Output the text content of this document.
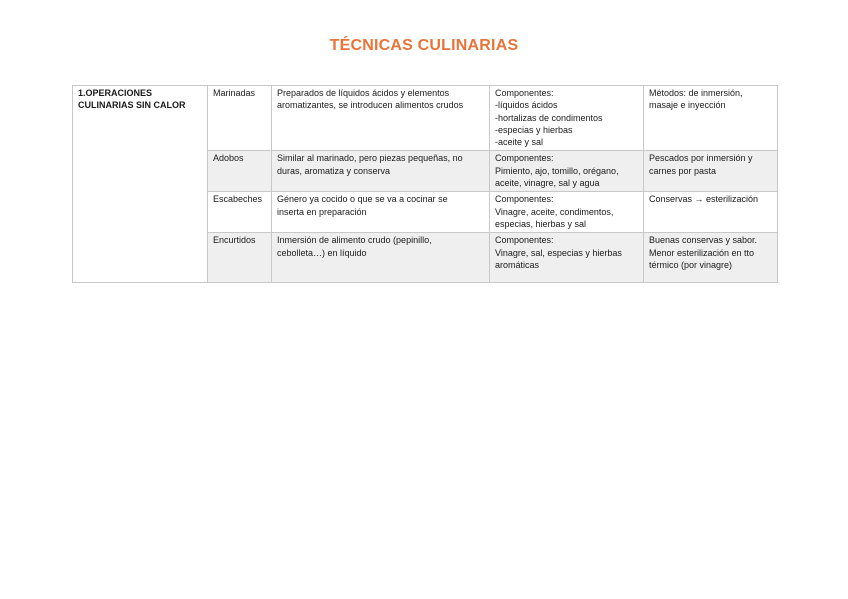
TÉCNICAS CULINARIAS
1.OPERACIONES
CULINARIAS SIN CALOR	Marinadas	Preparados de líquidos ácidos y elementos
aromatizantes, se introducen alimentos crudos	Componentes:
-líquidos ácidos
-hortalizas de condimentos
-especias y hierbas
-aceite y sal	Métodos: de inmersión,
masaje e inyección
	Adobos	Similar al marinado, pero piezas pequeñas, no
duras, aromatiza y conserva	Componentes:
Pimiento, ajo, tomillo, orégano,
aceite, vinagre, sal y agua	Pescados por inmersión y
carnes por pasta
	Escabeches	Género ya cocido o que se va a cocinar se
inserta en preparación	Componentes:
Vinagre, aceite, condimentos,
especias, hierbas y sal	Conservas → esterilización
	Encurtidos	Inmersión de alimento crudo (pepinillo,
cebolleta…) en líquido	Componentes:
Vinagre, sal, especias y hierbas
aromáticas	Buenas conservas y sabor.
Menor esterilización en tto
térmico (por vinagre)
